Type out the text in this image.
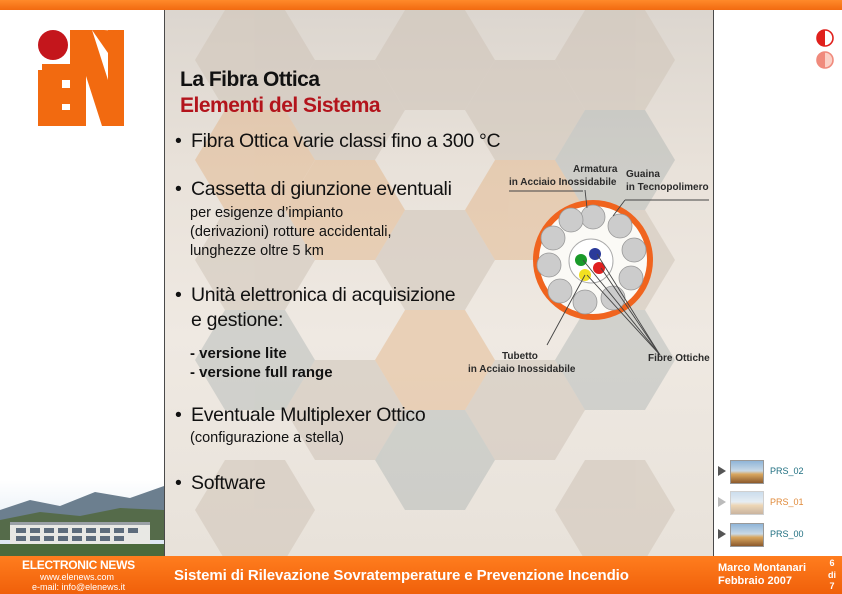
La Fibra Ottica
Elementi del Sistema
• Fibra Ottica varie classi fino a 300 °C
• Cassetta di giunzione eventuali
per esigenze d’impianto
(derivazioni) rotture accidentali,
lunghezze oltre 5 km
• Unità elettronica di acquisizione
e gestione:
- versione lite
- versione full range
• Eventuale Multiplexer Ottico
(configurazione a stella)
• Software
Armatura
in Acciaio Inossidabile
Guaina
in Tecnopolimero
Tubetto
in Acciaio Inossidabile
Fibre Ottiche
PRS_02
PRS_01
PRS_00
ELECTRONIC NEWS
www.elenews.com
e-mail: info@elenews.it
Sistemi di Rilevazione Sovratemperature e Prevenzione Incendio	Marco Montanari
Febbraio 2007
6
di
7
